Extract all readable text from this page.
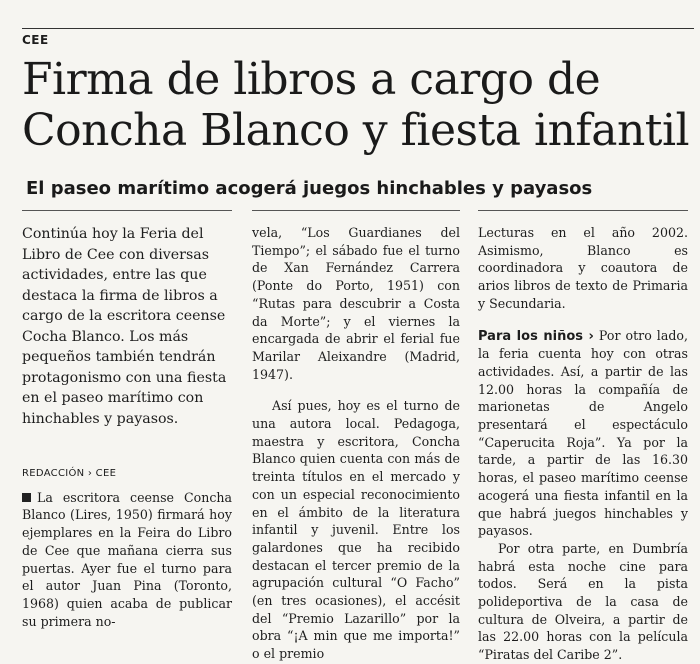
CEE
Firma de libros a cargo de Concha Blanco y fiesta infantil
El paseo marítimo acogerá juegos hinchables y payasos

Continúa hoy la Feria del Libro de Cee con diversas actividades, entre las que destaca la firma de libros a cargo de la escritora ceense Cocha Blanco. Los más pequeños también tendrán protagonismo con una fiesta en el paseo marítimo con hinchables y payasos.

REDACCIÓN › CEE

La escritora ceense Concha Blanco (Lires, 1950) firmará hoy ejemplares en la Feira do Libro de Cee que mañana cierra sus puertas. Ayer fue el turno para el autor Juan Pina (Toronto, 1968) quien acaba de publicar su primera no-

vela, “Los Guardianes del Tiempo”; el sábado fue el turno de Xan Fernández Carrera (Ponte do Porto, 1951) con “Rutas para descubrir a Costa da Morte”; y el viernes la encargada de abrir el ferial fue Marilar Aleixandre (Madrid, 1947).

Así pues, hoy es el turno de una autora local. Pedagoga, maestra y escritora, Concha Blanco quien cuenta con más de treinta títulos en el mercado y con un especial reconocimiento en el ámbito de la literatura infantil y juvenil. Entre los galardones que ha recibido destacan el tercer premio de la agrupación cultural “O Facho” (en tres ocasiones), el accésit del “Premio Lazarillo” por la obra “¡A min que me importa!” o el premio

Lecturas en el año 2002. Asimismo, Blanco es coordinadora y coautora de arios libros de texto de Primaria y Secundaria.

Para los niños › Por otro lado, la feria cuenta hoy con otras actividades. Así, a partir de las 12.00 horas la compañía de marionetas de Angelo presentará el espectáculo “Caperucita Roja”. Ya por la tarde, a partir de las 16.30 horas, el paseo marítimo ceense acogerá una fiesta infantil en la que habrá juegos hinchables y payasos.

Por otra parte, en Dumbría habrá esta noche cine para todos. Será en la pista polideportiva de la casa de cultura de Olveira, a partir de las 22.00 horas con la película “Piratas del Caribe 2”.
